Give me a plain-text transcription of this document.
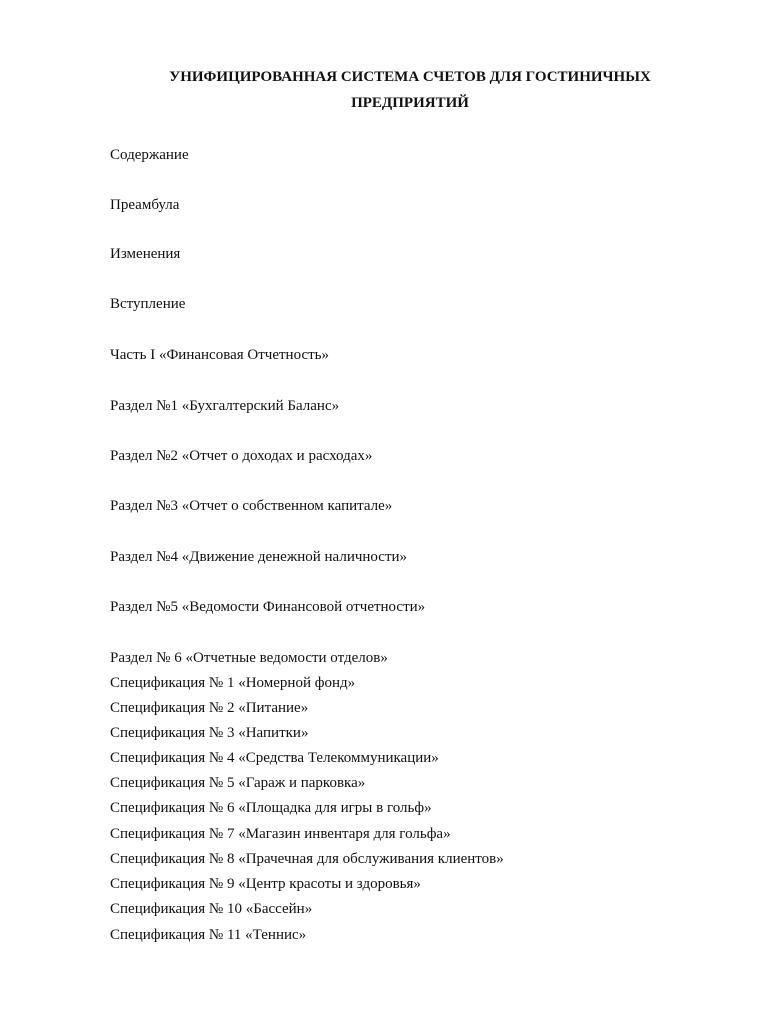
УНИФИЦИРОВАННАЯ СИСТЕМА СЧЕТОВ ДЛЯ ГОСТИНИЧНЫХ
ПРЕДПРИЯТИЙ
Содержание
Преамбула
Изменения
Вступление
Часть I «Финансовая Отчетность»
Раздел №1 «Бухгалтерский Баланс»
Раздел №2 «Отчет о доходах и расходах»
Раздел №3 «Отчет о собственном капитале»
Раздел №4 «Движение денежной наличности»
Раздел №5 «Ведомости Финансовой отчетности»
Раздел № 6 «Отчетные ведомости отделов»
Спецификация № 1 «Номерной фонд»
Спецификация № 2 «Питание»
Спецификация № 3 «Напитки»
Спецификация № 4 «Средства Телекоммуникации»
Спецификация № 5 «Гараж и парковка»
Спецификация № 6 «Площадка для игры в гольф»
Спецификация № 7 «Магазин инвентаря для гольфа»
Спецификация № 8 «Прачечная для обслуживания клиентов»
Спецификация № 9 «Центр красоты и здоровья»
Спецификация № 10 «Бассейн»
Спецификация № 11 «Теннис»
